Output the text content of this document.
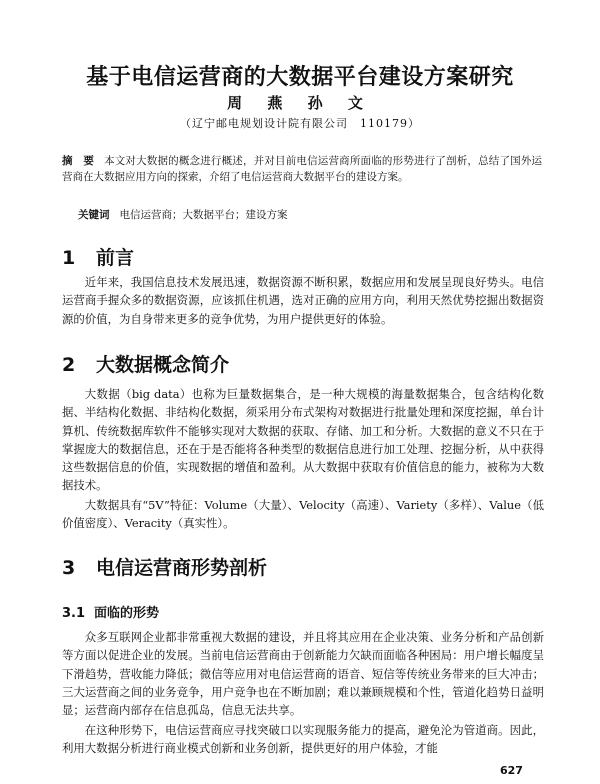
基于电信运营商的大数据平台建设方案研究
周 燕 孙 文
（辽宁邮电规划设计院有限公司　110179）
摘　要 本文对大数据的概念进行概述，并对目前电信运营商所面临的形势进行了剖析，总结了国外运营商在大数据应用方向的探索，介绍了电信运营商大数据平台的建设方案。
关键词 电信运营商；大数据平台；建设方案
1 前言
近年来，我国信息技术发展迅速，数据资源不断积累，数据应用和发展呈现良好势头。电信运营商手握众多的数据资源，应该抓住机遇，选对正确的应用方向，利用天然优势挖掘出数据资源的价值，为自身带来更多的竞争优势，为用户提供更好的体验。
2 大数据概念简介
大数据（big data）也称为巨量数据集合，是一种大规模的海量数据集合，包含结构化数据、半结构化数据、非结构化数据，须采用分布式架构对数据进行批量处理和深度挖掘，单台计算机、传统数据库软件不能够实现对大数据的获取、存储、加工和分析。大数据的意义不只在于掌握庞大的数据信息，还在于是否能将各种类型的数据信息进行加工处理、挖掘分析，从中获得这些数据信息的价值，实现数据的增值和盈利。从大数据中获取有价值信息的能力，被称为大数据技术。
大数据具有“5V”特征：Volume（大量）、Velocity（高速）、Variety（多样）、Value（低价值密度）、Veracity（真实性）。
3 电信运营商形势剖析
3.1 面临的形势
众多互联网企业都非常重视大数据的建设，并且将其应用在企业决策、业务分析和产品创新等方面以促进企业的发展。当前电信运营商由于创新能力欠缺而面临各种困局：用户增长幅度呈下滑趋势，营收能力降低；微信等应用对电信运营商的语音、短信等传统业务带来的巨大冲击；三大运营商之间的业务竞争，用户竞争也在不断加剧；难以兼顾规模和个性，管道化趋势日益明显；运营商内部存在信息孤岛，信息无法共享。
在这种形势下，电信运营商应寻找突破口以实现服务能力的提高，避免沦为管道商。因此，利用大数据分析进行商业模式创新和业务创新，提供更好的用户体验，才能
627
